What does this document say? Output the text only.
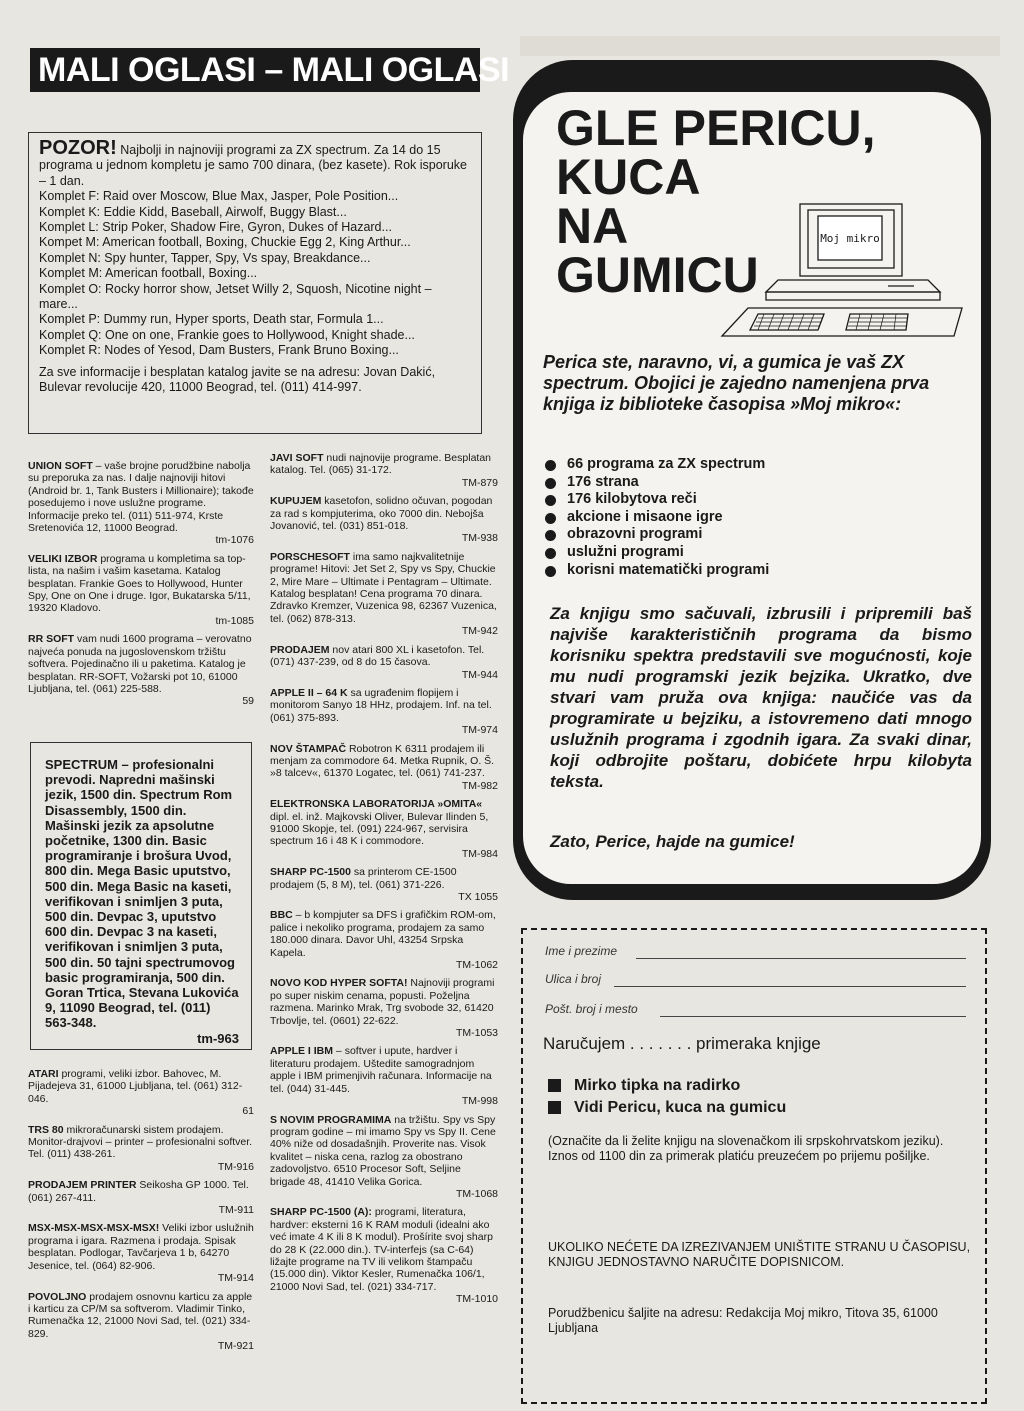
MALI OGLASI – MALI OGLASI

POZOR! Najbolji in najnoviji programi za ZX spectrum. Za 14 do 15 programa u jednom kompletu je samo 700 dinara, (bez kasete). Rok isporuke – 1 dan.

Komplet F: Raid over Moscow, Blue Max, Jasper, Pole Position...

Komplet K: Eddie Kidd, Baseball, Airwolf, Buggy Blast...

Komplet L: Strip Poker, Shadow Fire, Gyron, Dukes of Hazard...

Kompet M: American football, Boxing, Chuckie Egg 2, King Arthur...

Komplet N: Spy hunter, Tapper, Spy, Vs spay, Breakdance...

Komplet M: American football, Boxing...

Komplet O: Rocky horror show, Jetset Willy 2, Squosh, Nicotine night – mare...

Komplet P: Dummy run, Hyper sports, Death star, Formula 1...

Komplet Q: One on one, Frankie goes to Hollywood, Knight shade...

Komplet R: Nodes of Yesod, Dam Busters, Frank Bruno Boxing...

Za sve informacije i besplatan katalog javite se na adresu: Jovan Dakić, Bulevar revolucije 420, 11000 Beograd, tel. (011) 414-997.

UNION SOFT – vaše brojne porudžbine nabolja su preporuka za nas. I dalje najnoviji hitovi (Android br. 1, Tank Busters i Millionaire); takođe posedujemo i nove uslužne programe. Informacije preko tel. (011) 511-974, Krste Sretenovića 12, 11000 Beograd.
tm-1076

VELIKI IZBOR programa u kompletima sa top-lista, na našim i vašim kasetama. Katalog besplatan. Frankie Goes to Hollywood, Hunter Spy, One on One i druge. Igor, Bukatarska 5/11, 19320 Kladovo.
tm-1085

RR SOFT vam nudi 1600 programa – verovatno najveća ponuda na jugoslovenskom tržištu softvera. Pojedinačno ili u paketima. Katalog je besplatan. RR-SOFT, Vožarski pot 10, 61000 Ljubljana, tel. (061) 225-588.
59

SPECTRUM – profesionalni prevodi. Napredni mašinski jezik, 1500 din. Spectrum Rom Disassembly, 1500 din. Mašinski jezik za apsolutne početnike, 1300 din. Basic programiranje i brošura Uvod, 800 din. Mega Basic uputstvo, 500 din. Mega Basic na kaseti, verifikovan i snimljen 3 puta, 500 din. Devpac 3, uputstvo 600 din. Devpac 3 na kaseti, verifikovan i snimljen 3 puta, 500 din. 50 tajni spectrumovog basic programiranja, 500 din. Goran Trtica, Stevana Lukovića 9, 11090 Beograd, tel. (011) 563-348.

tm-963

ATARI programi, veliki izbor. Bahovec, M. Pijadejeva 31, 61000 Ljubljana, tel. (061) 312-046.
61

TRS 80 mikroračunarski sistem prodajem. Monitor-drajvovi – printer – profesionalni softver. Tel. (011) 438-261.
TM-916

PRODAJEM PRINTER Seikosha GP 1000. Tel. (061) 267-411.
TM-911

MSX-MSX-MSX-MSX-MSX! Veliki izbor uslužnih programa i igara. Razmena i prodaja. Spisak besplatan. Podlogar, Tavčarjeva 1 b, 64270 Jesenice, tel. (064) 82-906.
TM-914

POVOLJNO prodajem osnovnu karticu za apple i karticu za CP/M sa softverom. Vladimir Tinko, Rumenačka 12, 21000 Novi Sad, tel. (021) 334-829.
TM-921

JAVI SOFT nudi najnovije programe. Besplatan katalog. Tel. (065) 31-172.
TM-879

KUPUJEM kasetofon, solidno očuvan, pogodan za rad s kompjuterima, oko 7000 din. Nebojša Jovanović, tel. (031) 851-018.
TM-938

PORSCHESOFT ima samo najkvalitetnije programe! Hitovi: Jet Set 2, Spy vs Spy, Chuckie 2, Mire Mare – Ultimate i Pentagram – Ultimate. Katalog besplatan! Cena programa 70 dinara. Zdravko Kremzer, Vuzenica 98, 62367 Vuzenica, tel. (062) 878-313.
TM-942

PRODAJEM nov atari 800 XL i kasetofon. Tel. (071) 437-239, od 8 do 15 časova.
TM-944

APPLE II – 64 K sa ugrađenim flopijem i monitorom Sanyo 18 HHz, prodajem. Inf. na tel. (061) 375-893.
TM-974

NOV ŠTAMPAČ Robotron K 6311 prodajem ili menjam za commodore 64. Metka Rupnik, O. Š. »8 talcev«, 61370 Logatec, tel. (061) 741-237.
TM-982

ELEKTRONSKA LABORATORIJA »OMITA« dipl. el. inž. Majkovski Oliver, Bulevar Ilinden 5, 91000 Skopje, tel. (091) 224-967, servisira spectrum 16 i 48 K i commodore.
TM-984

SHARP PC-1500 sa printerom CE-1500 prodajem (5, 8 M), tel. (061) 371-226.
TX 1055

BBC – b kompjuter sa DFS i grafičkim ROM-om, palice i nekoliko programa, prodajem za samo 180.000 dinara. Davor Uhl, 43254 Srpska Kapela.
TM-1062

NOVO KOD HYPER SOFTA! Najnoviji programi po super niskim cenama, popusti. Poželjna razmena. Marinko Mrak, Trg svobode 32, 61420 Trbovlje, tel. (0601) 22-622.
TM-1053

APPLE I IBM – softver i upute, hardver i literaturu prodajem. Uštedite samogradnjom apple i IBM primenjivih računara. Informacije na tel. (044) 31-445.
TM-998

S NOVIM PROGRAMIMA na tržištu. Spy vs Spy program godine – mi imamo Spy vs Spy II. Cene 40% niže od dosadašnjih. Proverite nas. Visok kvalitet – niska cena, razlog za obostrano zadovoljstvo. 6510 Procesor Soft, Seljine brigade 48, 41410 Velika Gorica.
TM-1068

SHARP PC-1500 (A): programi, literatura, hardver: eksterni 16 K RAM moduli (idealni ako već imate 4 K ili 8 K modul). Prošírite svoj sharp do 28 K (22.000 din.). TV-interfejs (sa C-64) ližajte programe na TV ili velikom štampaču (15.000 din). Viktor Kesler, Rumenačka 106/1, 21000 Novi Sad, tel. (021) 334-717.
TM-1010

GLE PERICU,
KUCA
NA
GUMICU
Moj mikro
Perica ste, naravno, vi, a gumica je vaš ZX spectrum. Obojici je zajedno namenjena prva knjiga iz biblioteke časopisa »Moj mikro«:
66 programa za ZX spectrum
176 strana
176 kilobytova reči
akcione i misaone igre
obrazovni programi
uslužni programi
korisni matematički programi
Za knjigu smo sačuvali, izbrusili i pripremili baš najviše karakterističnih programa da bismo korisniku spektra predstavili sve mogućnosti, koje mu nudi programski jezik bejzika. Ukratko, dve stvari vam pruža ova knjiga: naučiće vas da programirate u bejziku, a istovremeno dati mnogo uslužnih programa i zgodnih igara. Za svaki dinar, koji odbrojite poštaru, dobićete hrpu kilobyta teksta.
Zato, Perice, hajde na gumice!
Ime i prezime
Ulica i broj
Pošt. broj i mesto
Naručujem . . . . . . . primeraka knjige
Mirko tipka na radirko
Vidi Pericu, kuca na gumicu

(Označite da li želite knjigu na slovenačkom ili srpskohrvatskom jeziku).

Iznos od 1100 din za primerak platiću preuzećem po prijemu pošiljke.

UKOLIKO NEĆETE DA IZREZIVANJEM UNIŠTITE STRANU U ČASOPISU, KNJIGU JEDNOSTAVNO NARUČITE DOPISNICOM.
Porudžbenicu šaljite na adresu: Redakcija Moj mikro, Titova 35, 61000 Ljubljana
